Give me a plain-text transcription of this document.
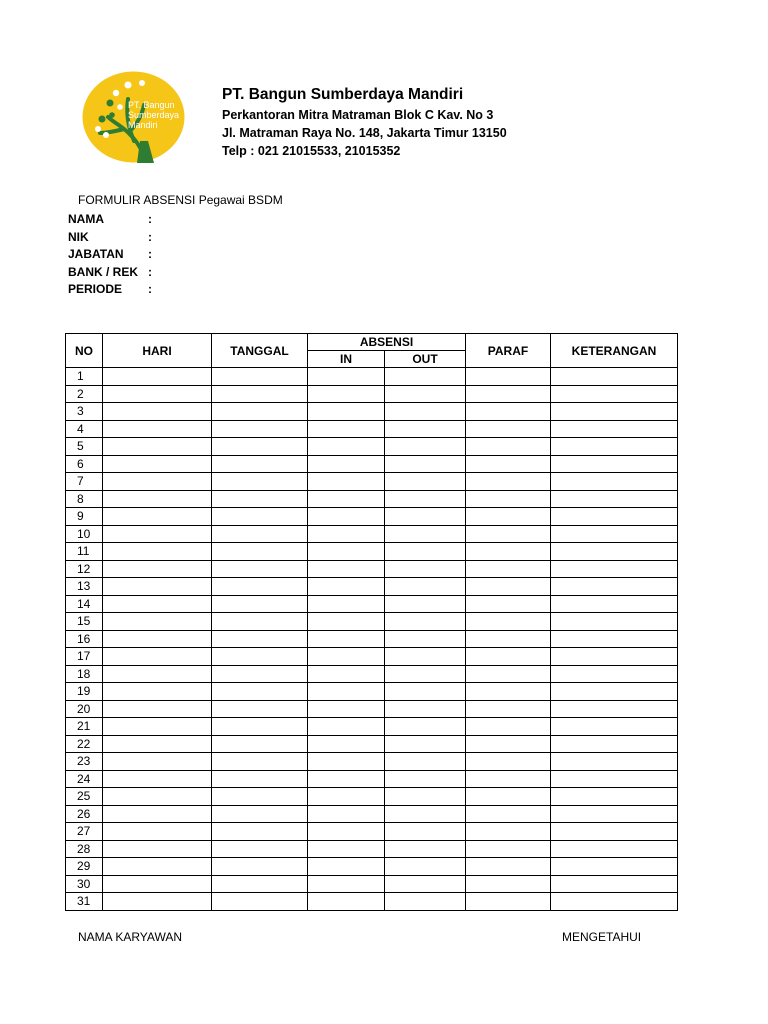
PT. Bangun
Sumberdaya
Mandiri
PT. Bangun Sumberdaya Mandiri
Perkantoran Mitra Matraman Blok C Kav. No 3
Jl. Matraman Raya No. 148, Jakarta Timur 13150
Telp : 021 21015533, 21015352
FORMULIR ABSENSI Pegawai BSDM
NAMA	:
NIK	:
JABATAN :
BANK / REK :
PERIODE :
NO	HARI	TANGGAL	ABSENSI		PARAF	KETERANGAN
			IN	OUT		
1						
2						
3						
4						
5						
6						
7						
8						
9						
10						
11						
12						
13						
14						
15						
16						
17						
18						
19						
20						
21						
22						
23						
24						
25						
26						
27						
28						
29						
30						
31						
NAMA KARYAWAN	MENGETAHUI
